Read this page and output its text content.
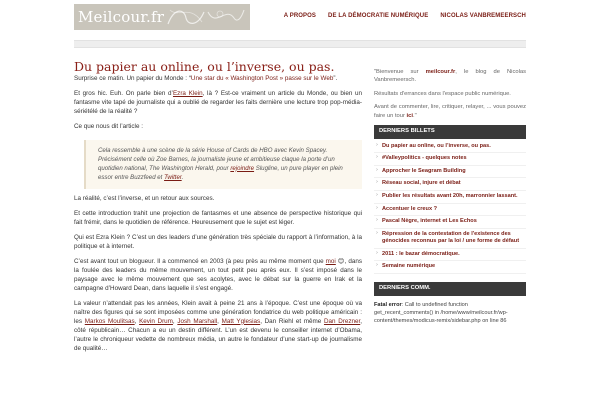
Meilcour.fr	A PROPOS DE LA DÉMOCRATIE NUMÉRIQUE NICOLAS VANBREMEERSCH
Du papier au online, ou l’inverse, ou pas.

Surprise ce matin. Un papier du Monde : “Une star du « Washington Post » passe sur le Web”.

Et gros hic. Euh. On parle bien d’Ezra Klein, là ? Est-ce vraiment un article du Monde, ou bien un fantasme vite tapé de journaliste qui a oublié de regarder les faits dernière une lecture trop pop-média-sériétélé de la réalité ?

Ce que nous dit l’article :

Cela ressemble à une scène de la série House of Cards de HBO avec Kevin Spacey. Précisément celle où Zoe Barnes, la journaliste jeune et ambitieuse claque la porte d’un quotidien national, The Washington Herald, pour rejoindre Slugline, un pure player en plein essor entre Buzzfeed et Twitter.

La réalité, c’est l’inverse, et un retour aux sources.

Et cette introduction trahit une projection de fantasmes et une absence de perspective historique qui fait frémir, dans le quotidien de référence. Heureusement que le sujet est léger.

Qui est Ezra Klein ? C’est un des leaders d’une génération très spéciale du rapport à l’information, à la politique et à internet.

C’est avant tout un blogueur. Il a commencé en 2003 (à peu près au même moment que moi 😊, dans la foulée des leaders du même mouvement, un tout petit peu après eux. Il s’est imposé dans le paysage avec le même mouvement que ses acolytes, avec le débat sur la guerre en Irak et la campagne d’Howard Dean, dans laquelle il s’est engagé.

La valeur n’attendait pas les années, Klein avait à peine 21 ans à l’époque. C’est une époque où va naître des figures qui se sont imposées comme une génération fondatrice du web politique américain : les Markos Moulitsas, Kevin Drum, Josh Marshall, Matt Yglesias, Dan Riehl et même Dan Drezner, côté républicain… Chacun a eu un destin différent. L’un est devenu le conseiller internet d’Obama, l’autre le chroniqueur vedette de nombreux média, un autre le fondateur d’une start-up de journalisme de qualité…

"Bienvenue sur meilcour.fr, le blog de Nicolas Vanbremeersch.

Résultats d'errances dans l'espace public numérique.

Avant de commenter, lire, critiquer, relayer, ... vous pouvez faire un tour ici."

DERNIERS BILLETS
› Du papier au online, ou l’inverse, ou pas.
› #Valleypolitics - quelques notes
› Approcher le Seagram Building
› Réseau social, injure et débat
› Publier les résultats avant 20h, marronnier lassant.
› Accentuer le creux ?
› Pascal Nègre, internet et Les Echos
› Répression de la contestation de l'existence des génocides reconnus par la loi / une forme de défaut
› 2011 : le bazar démocratique.
› Semaine numérique
DERNIERS COMM.
Fatal error: Call to undefined function get_recent_comments() in /home/www/meilcour.fr/wp-content/themes/modicus-remix/sidebar.php on line 86
